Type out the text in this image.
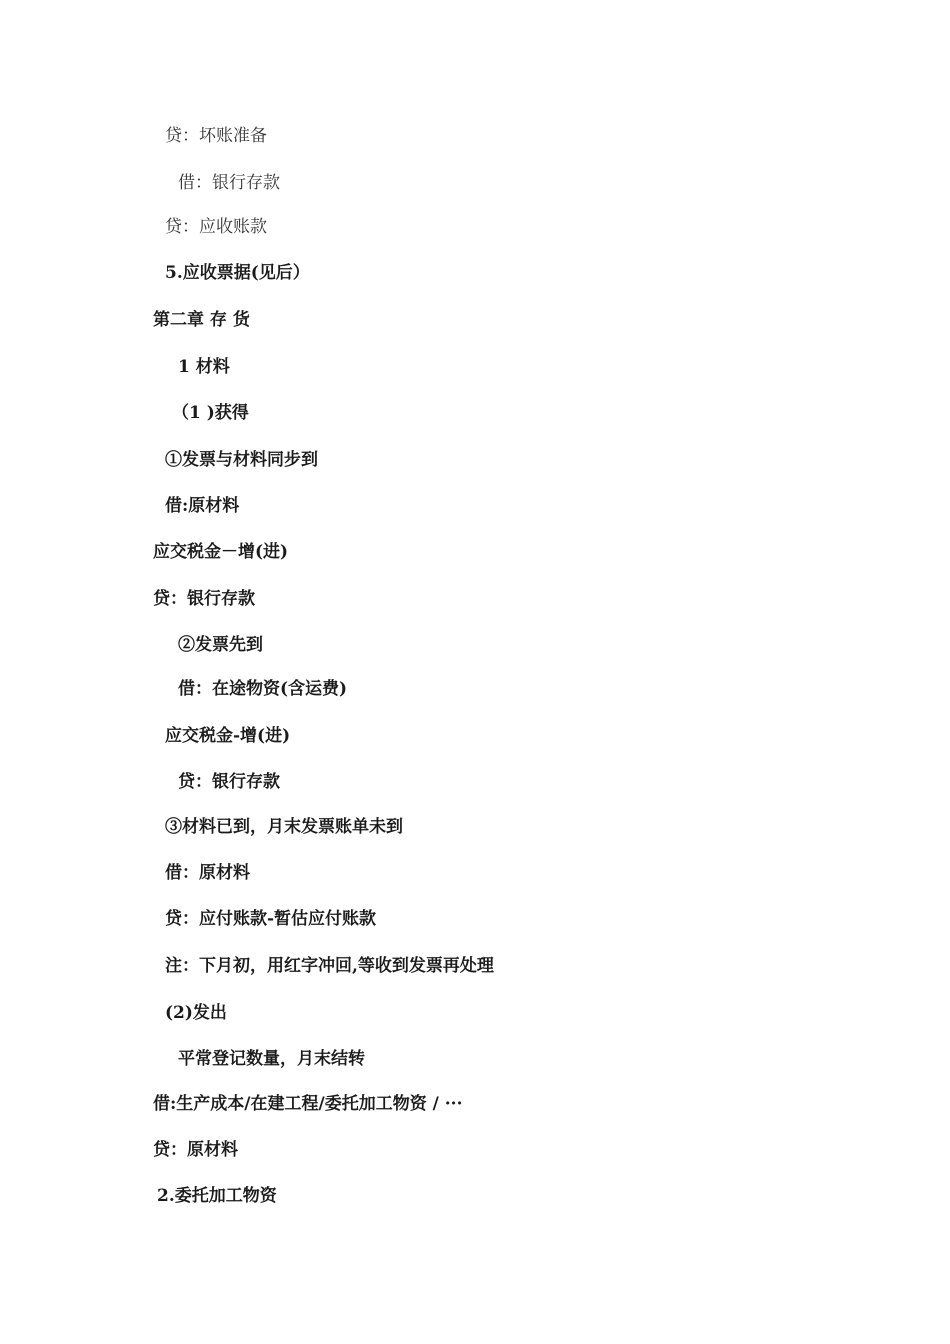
贷：坏账准备
借：银行存款
贷：应收账款
5.应收票据(见后）
第二章 存 货
1 材料
（1 )获得
①发票与材料同步到
借:原材料
应交税金－增(进)
贷：银行存款
②发票先到
借：在途物资(含运费)
应交税金-增(进)
贷：银行存款
③材料已到，月末发票账单未到
借：原材料
贷：应付账款-暂估应付账款
注：下月初，用红字冲回,等收到发票再处理
(2)发出
平常登记数量，月末结转
借:生产成本/在建工程/委托加工物资 / ···
贷：原材料
2.委托加工物资
